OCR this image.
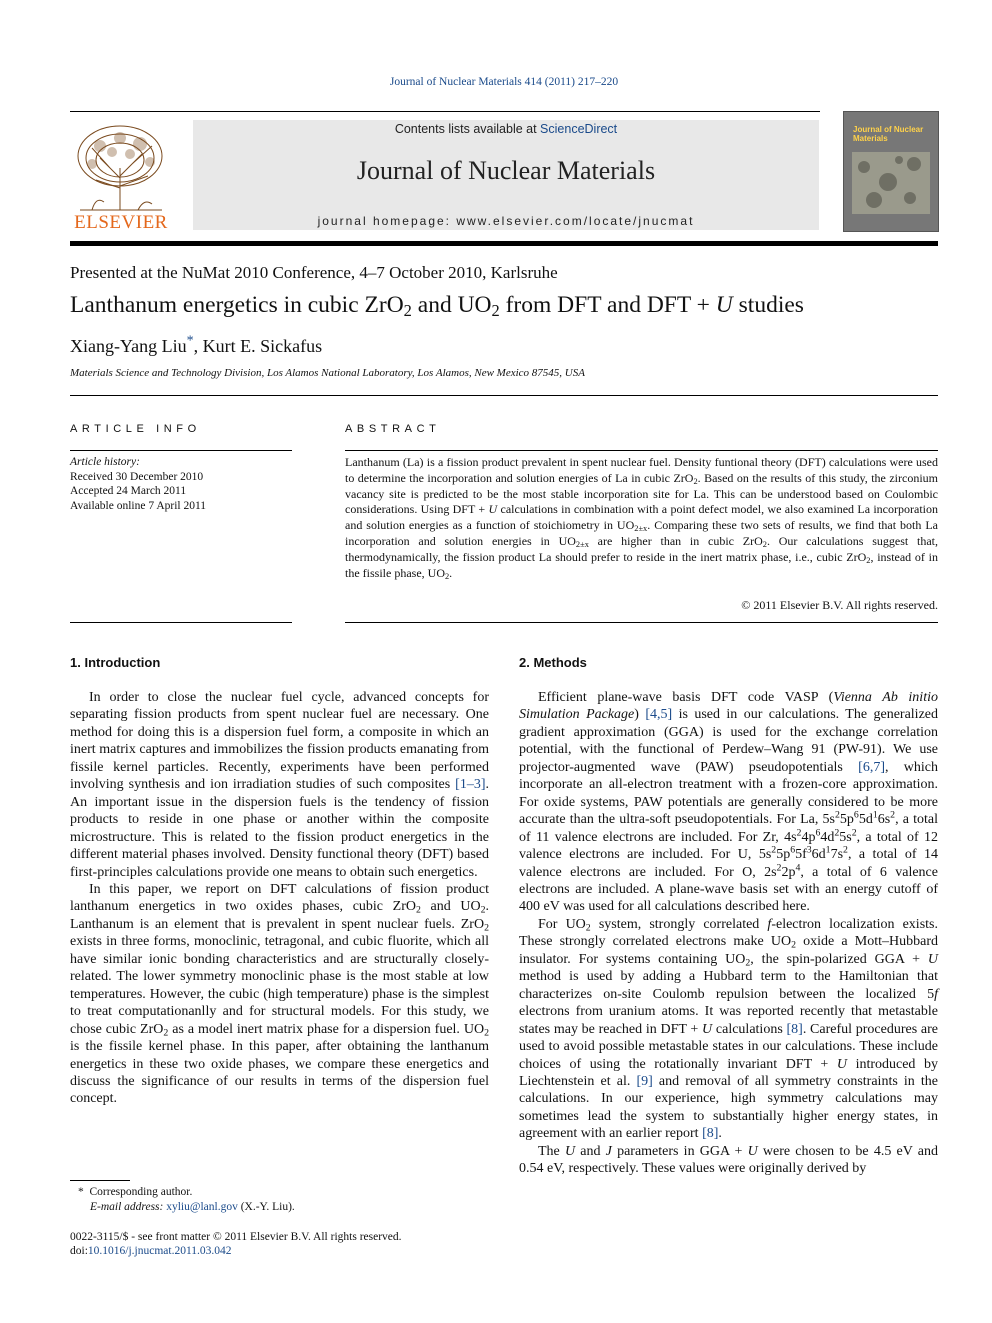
Journal of Nuclear Materials 414 (2011) 217–220
ELSEVIER
Contents lists available at ScienceDirect
Journal of Nuclear Materials
journal homepage: www.elsevier.com/locate/jnucmat
Journal of Nuclear Materials
Presented at the NuMat 2010 Conference, 4–7 October 2010, Karlsruhe
Lanthanum energetics in cubic ZrO$_2$ and $UO_2$ from DFT and DFT + U studies
Xiang-Yang Liu*, Kurt E. Sickafus
Materials Science and Technology Division, Los Alamos National Laboratory, Los Alamos, New Mexico 87545, USA
ARTICLE INFO
Article history:
Received 30 December 2010
Accepted 24 March 2011
Available online 7 April 2011
ABSTRACT
Lanthanum (La) is a fission product prevalent in spent nuclear fuel. Density funtional theory (DFT) calculations were used to determine the incorporation and solution energies of La in cubic ZrO$_2$. Based on the results of this study, the zirconium vacancy site is predicted to be the most stable incorporation site for La. This can be understood based on Coulombic considerations. Using DFT + U calculations in combination with a point defect model, we also examined La incorporation and solution energies as a function of stoichiometry in $UO_{2\pm x}$. Comparing these two sets of results, we find that both La incorporation and solution energies in $UO_{2\pm x}$ are higher than in cubic ZrO$_2$. Our calculations suggest that, thermodynamically, the fission product La should prefer to reside in the inert matrix phase, i.e., cubic ZrO$_2$, instead of in the fissile phase, $UO_2$.
© 2011 Elsevier B.V. All rights reserved.
1. Introduction	2. Methods

In order to close the nuclear fuel cycle, advanced concepts for separating fission products from spent nuclear fuel are necessary. One method for doing this is a dispersion fuel form, a composite in which an inert matrix captures and immobilizes the fission products emanating from fissile kernel particles. Recently, experiments have been performed involving synthesis and ion irradiation studies of such composites [1–3]. An important issue in the dispersion fuels is the tendency of fission products to reside in one phase or another within the composite microstructure. This is related to the fission product energetics in the different material phases involved. Density functional theory (DFT) based first-principles calculations provide one means to obtain such energetics.

In this paper, we report on DFT calculations of fission product lanthanum energetics in two oxides phases, cubic ZrO$_2$ and $UO_2$. Lanthanum is an element that is prevalent in spent nuclear fuels. ZrO$_2$ exists in three forms, monoclinic, tetragonal, and cubic fluorite, which all have similar ionic bonding characteristics and are structurally closely-related. The lower symmetry monoclinic phase is the most stable at low temperatures. However, the cubic (high temperature) phase is the simplest to treat computationanlly and for structural models. For this study, we chose cubic ZrO$_2$ as a model inert matrix phase for a dispersion fuel. $UO_2$ is the fissile kernel phase. In this paper, after obtaining the lanthanum energetics in these two oxide phases, we compare these energetics and discuss the significance of our results in terms of the dispersion fuel concept.

Efficient plane-wave basis DFT code VASP (Vienna Ab initio Simulation Package) [4,5] is used in our calculations. The generalized gradient approximation (GGA) is used for the exchange correlation potential, with the functional of Perdew–Wang 91 (PW-91). We use projector-augmented wave (PAW) pseudopotentials [6,7], which incorporate an all-electron treatment with a frozen-core approximation. For oxide systems, PAW potentials are generally considered to be more accurate than the ultra-soft pseudopotentials. For La, $5s^25p^65d^16s^2$, a total of 11 valence electrons are included. For Zr, $4s^24p^64d^25s^2$, a total of 12 valence electrons are included. For U, $5s^25p^65f^36d^17s^2$, a total of 14 valence electrons are included. For O, $2s^22p^4$, a total of 6 valence electrons are included. A plane-wave basis set with an energy cutoff of 400 eV was used for all calculations described here.

For $UO_2$ system, strongly correlated f-electron localization exists. These strongly correlated electrons make $UO_2$ oxide a Mott–Hubbard insulator. For systems containing $UO_2$, the spin-polarized GGA + U method is used by adding a Hubbard term to the Hamiltonian that characterizes on-site Coulomb repulsion between the localized 5f electrons from uranium atoms. It was reported recently that metastable states may be reached in DFT + U calculations [8]. Careful procedures are used to avoid possible metastable states in our calculations. These include choices of using the rotationally invariant DFT + U introduced by Liechtenstein et al. [9] and removal of all symmetry constraints in the calculations. In our experience, high symmetry calculations may sometimes lead the system to substantially higher energy states, in agreement with an earlier report [8].

The U and J parameters in GGA + U were chosen to be 4.5 eV and 0.54 eV, respectively. These values were originally derived by

* Corresponding author.
E-mail address: xyliu@lanl.gov (X.-Y. Liu).
0022-3115/$ - see front matter © 2011 Elsevier B.V. All rights reserved.
doi:10.1016/j.jnucmat.2011.03.042
